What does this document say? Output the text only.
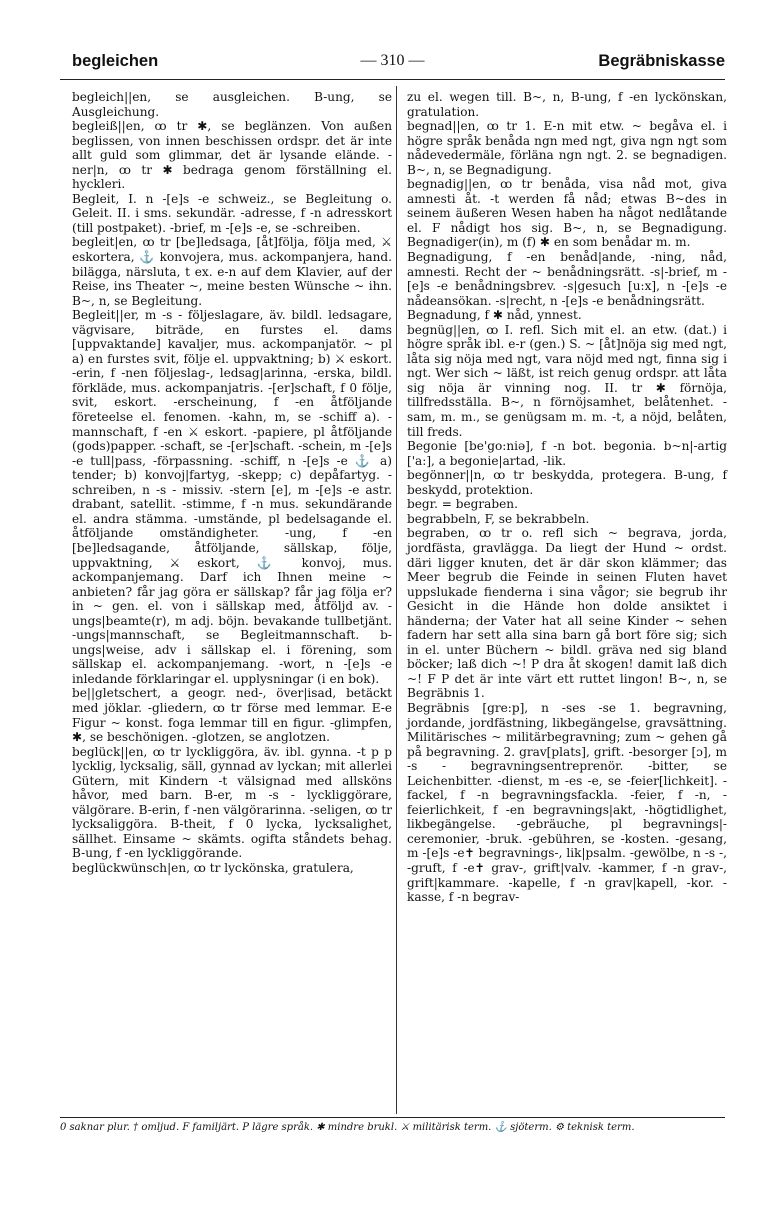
begleichen	— 310 —	Begräbniskasse
begleich||en, se ausgleichen. B-ung, se Ausgleichung.
begleiß||en, ꝏ tr ✱, se beglänzen. Von außen beglissen, von innen beschissen ordspr. det är inte allt guld som glimmar, det är lysande elände. -ner|n, ꝏ tr ✱ bedraga genom förställning el. hyckleri.
Begleit, I. n -[e]s -e schweiz., se Begleitung o. Geleit. II. i sms. sekundär. -adresse, f -n adresskort (till postpaket). -brief, m -[e]s -e, se -schreiben.
begleit|en, ꝏ tr [be]ledsaga, [åt]följa, följa med, ⚔ eskortera, ⚓ konvojera, mus. ackompanjera, hand. bilägga, närsluta, t ex. e-n auf dem Klavier, auf der Reise, ins Theater ~, meine besten Wünsche ~ ihn. B~, n, se Begleitung.
Begleit||er, m -s - följeslagare, äv. bildl. ledsagare, vägvisare, biträde, en furstes el. dams [uppvaktande] kavaljer, mus. ackompanjatör. ~ pl a) en furstes svit, följe el. uppvaktning; b) ⚔ eskort. -erin, f -nen följeslag-, ledsag|arinna, -erska, bildl. förkläde, mus. ackompanjatris. -[er]schaft, f 0 följe, svit, eskort. -erscheinung, f -en åtföljande företeelse el. fenomen. -kahn, m, se -schiff a). -mannschaft, f -en ⚔ eskort. -papiere, pl åtföljande (gods)papper. -schaft, se -[er]schaft. -schein, m -[e]s -e tull|pass, -förpassning. -schiff, n -[e]s -e ⚓ a) tender; b) konvoj|fartyg, -skepp; c) depåfartyg. -schreiben, n -s - missiv. -stern [e], m -[e]s -e astr. drabant, satellit. -stimme, f -n mus. sekundärande el. andra stämma. -umstände, pl bedelsagande el. åtföljande omständigheter. -ung, f -en [be]ledsagande, åtföljande, sällskap, följe, uppvaktning, ⚔ eskort, ⚓ konvoj, mus. ackompanjemang. Darf ich Ihnen meine ~ anbieten? får jag göra er sällskap? får jag följa er? in ~ gen. el. von i sällskap med, åtföljd av. -ungs|beamte(r), m adj. böjn. bevakande tullbetjänt. -ungs|mannschaft, se Begleitmannschaft. b-ungs|weise, adv i sällskap el. i förening, som sällskap el. ackompanjemang. -wort, n -[e]s -e inledande förklaringar el. upplysningar (i en bok).
be||gletschert, a geogr. ned-, över|isad, betäckt med jöklar. -gliedern, ꝏ tr förse med lemmar. E-e Figur ~ konst. foga lemmar till en figur. -glimpfen, ✱, se beschönigen. -glotzen, se anglotzen.
beglück||en, ꝏ tr lyckliggöra, äv. ibl. gynna. -t p p lycklig, lycksalig, säll, gynnad av lyckan; mit allerlei Gütern, mit Kindern -t välsignad med allsköns håvor, med barn. B-er, m -s - lyckliggörare, välgörare. B-erin, f -nen välgörarinna. -seligen, ꝏ tr lycksaliggöra. B-theit, f 0 lycka, lycksalighet, sällhet. Einsame ~ skämts. ogifta ståndets behag. B-ung, f -en lyckliggörande.
beglückwünsch|en, ꝏ tr lyckönska, gratulera,
zu el. wegen till. B~, n, B-ung, f -en lyckönskan, gratulation.
begnad||en, ꝏ tr 1. E-n mit etw. ~ begåva el. i högre språk benåda ngn med ngt, giva ngn ngt som nådevedermäle, förläna ngn ngt. 2. se begnadigen. B~, n, se Begnadigung.
begnadig||en, ꝏ tr benåda, visa nåd mot, giva amnesti åt. -t werden få nåd; etwas B~des in seinem äußeren Wesen haben ha något nedlåtande el. F nådigt hos sig. B~, n, se Begnadigung. Begnadiger(in), m (f) ✱ en som benådar m. m.
Begnadigung, f -en benåd|ande, -ning, nåd, amnesti. Recht der ~ benådningsrätt. -s|-brief, m -[e]s -e benådningsbrev. -s|gesuch [u:x], n -[e]s -e nådeansökan. -s|recht, n -[e]s -e benådningsrätt.
Begnadung, f ✱ nåd, ynnest.
begnüg||en, ꝏ I. refl. Sich mit el. an etw. (dat.) i högre språk ibl. e-r (gen.) S. ~ [åt]nöja sig med ngt, låta sig nöja med ngt, vara nöjd med ngt, finna sig i ngt. Wer sich ~ läßt, ist reich genug ordspr. att låta sig nöja är vinning nog. II. tr ✱ förnöja, tillfredsställa. B~, n förnöjsamhet, belåtenhet. -sam, m. m., se genügsam m. m. -t, a nöjd, belåten, till freds.
Begonie [be'go:niə], f -n bot. begonia. b~n|-artig ['a:], a begonie|artad, -lik.
begönner||n, ꝏ tr beskydda, protegera. B-ung, f beskydd, protektion.
begr. = begraben.
begrabbeln, F, se bekrabbeln.
begraben, ꝏ tr o. refl sich ~ begrava, jorda, jordfästa, gravlägga. Da liegt der Hund ~ ordst. däri ligger knuten, det är där skon klämmer; das Meer begrub die Feinde in seinen Fluten havet uppslukade fienderna i sina vågor; sie begrub ihr Gesicht in die Hände hon dolde ansiktet i händerna; der Vater hat all seine Kinder ~ sehen fadern har sett alla sina barn gå bort före sig; sich in el. unter Büchern ~ bildl. gräva ned sig bland böcker; laß dich ~! P dra åt skogen! damit laß dich ~! F P det är inte värt ett ruttet lingon! B~, n, se Begräbnis 1.
Begräbnis [gre:p], n -ses -se 1. begravning, jordande, jordfästning, likbegängelse, gravsättning. Militärisches ~ militärbegravning; zum ~ gehen gå på begravning. 2. grav[plats], grift. -besorger [ɔ], m -s - begravningsentreprenör. -bitter, se Leichenbitter. -dienst, m -es -e, se -feier[lichkeit]. -fackel, f -n begravningsfackla. -feier, f -n, -feierlichkeit, f -en begravnings|akt, -högtidlighet, likbegängelse. -gebräuche, pl begravnings|-ceremonier, -bruk. -gebühren, se -kosten. -gesang, m -[e]s -e✝ begravnings-, lik|psalm. -gewölbe, n -s -, -gruft, f -e✝ grav-, grift|valv. -kammer, f -n grav-, grift|kammare. -kapelle, f -n grav|kapell, -kor. -kasse, f -n begrav-
0 saknar plur. † omljud. F familjärt. P lägre språk. ✱ mindre brukl. ⚔ militärisk term. ⚓ sjöterm. ⚙ teknisk term.
